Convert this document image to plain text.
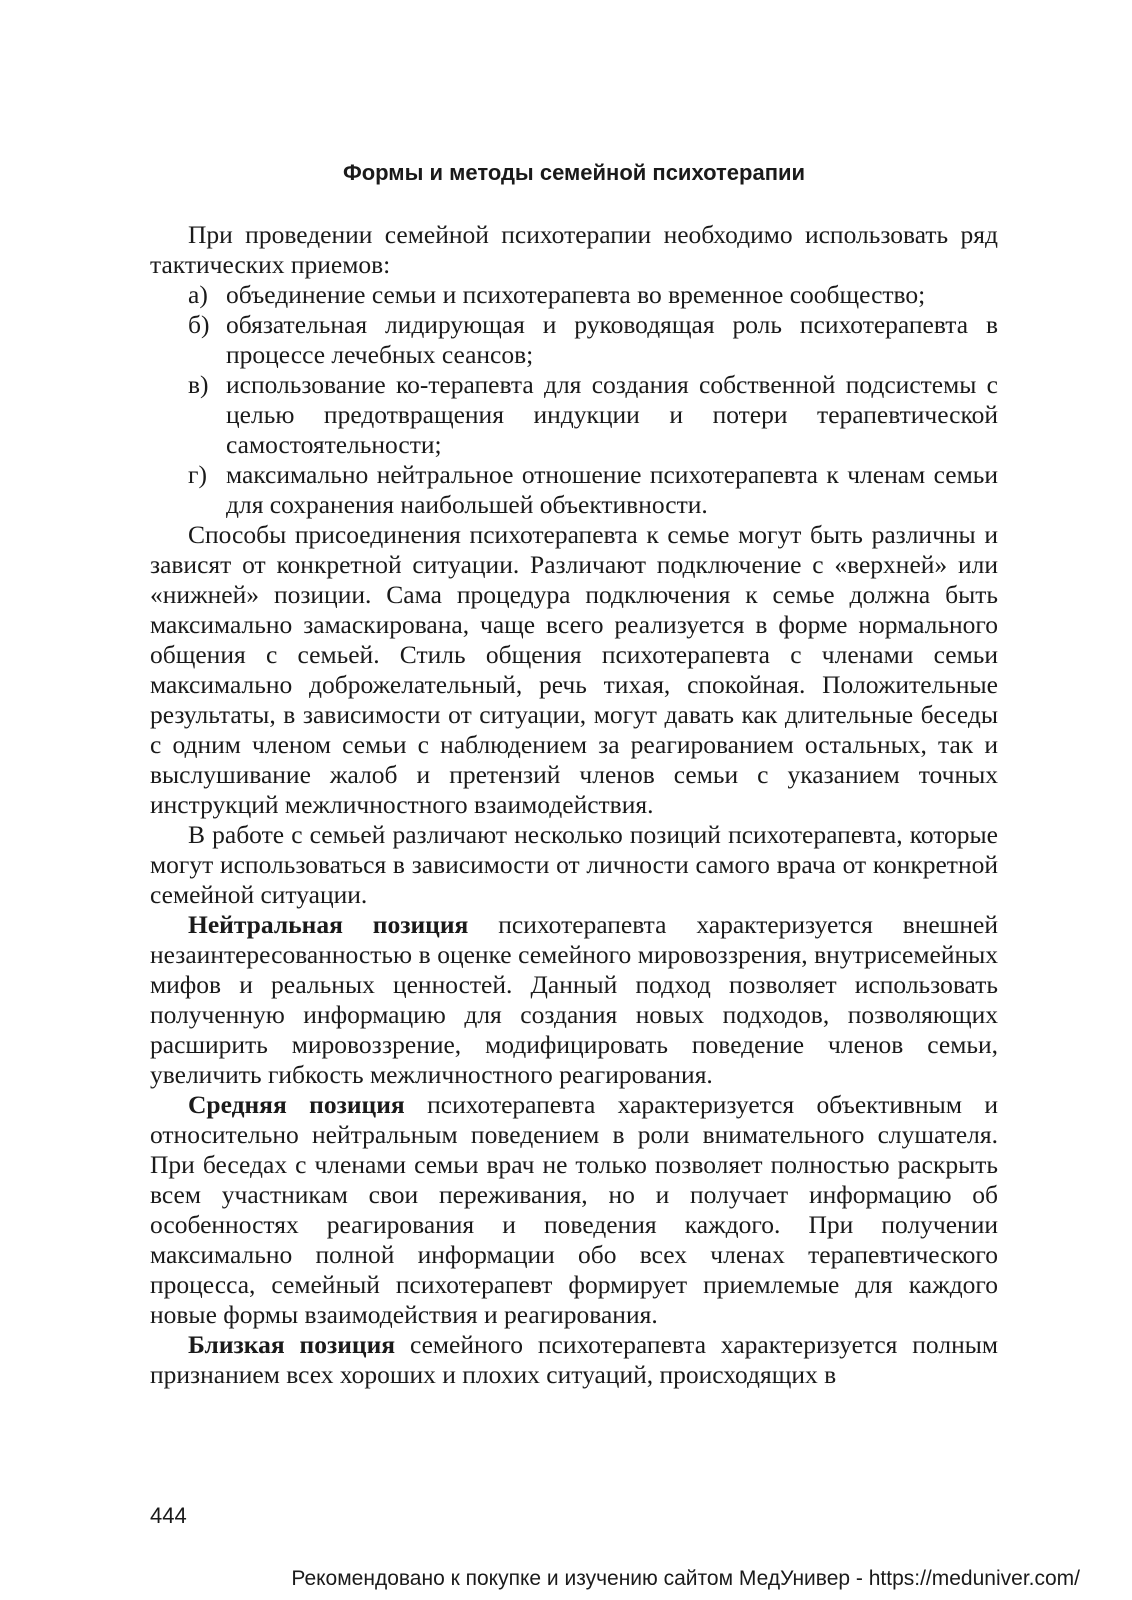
Формы и методы семейной психотерапии

При проведении семейной психотерапии необходимо использовать ряд тактических приемов:

а) объединение семьи и психотерапевта во временное сообщество;
б) обязательная лидирующая и руководящая роль психотерапевта в процессе лечебных сеансов;
в) использование ко-терапевта для создания собственной подсистемы с целью предотвращения индукции и потери терапевтической самостоятельности;
г) максимально нейтральное отношение психотерапевта к членам семьи для сохранения наибольшей объективности.

Способы присоединения психотерапевта к семье могут быть различны и зависят от конкретной ситуации. Различают подключение с «верхней» или «нижней» позиции. Сама процедура подключения к семье должна быть максимально замаскирована, чаще всего реализуется в форме нормального общения с семьей. Стиль общения психотерапевта с членами семьи максимально доброжелательный, речь тихая, спокойная. Положительные результаты, в зависимости от ситуации, могут давать как длительные беседы с одним членом семьи с наблюдением за реагированием остальных, так и выслушивание жалоб и претензий членов семьи с указанием точных инструкций межличностного взаимодействия.

В работе с семьей различают несколько позиций психотерапевта, которые могут использоваться в зависимости от личности самого врача от конкретной семейной ситуации.

Нейтральная позиция психотерапевта характеризуется внешней незаинтересованностью в оценке семейного мировоззрения, внутрисемейных мифов и реальных ценностей. Данный подход позволяет использовать полученную информацию для создания новых подходов, позволяющих расширить мировоззрение, модифицировать поведение членов семьи, увеличить гибкость межличностного реагирования.

Средняя позиция психотерапевта характеризуется объективным и относительно нейтральным поведением в роли внимательного слушателя. При беседах с членами семьи врач не только позволяет полностью раскрыть всем участникам свои переживания, но и получает информацию об особенностях реагирования и поведения каждого. При получении максимально полной информации обо всех членах терапевтического процесса, семейный психотерапевт формирует приемлемые для каждого новые формы взаимодействия и реагирования.

Близкая позиция семейного психотерапевта характеризуется полным признанием всех хороших и плохих ситуаций, происходящих в

444
Рекомендовано к покупке и изучению сайтом МедУнивер - https://meduniver.com/
